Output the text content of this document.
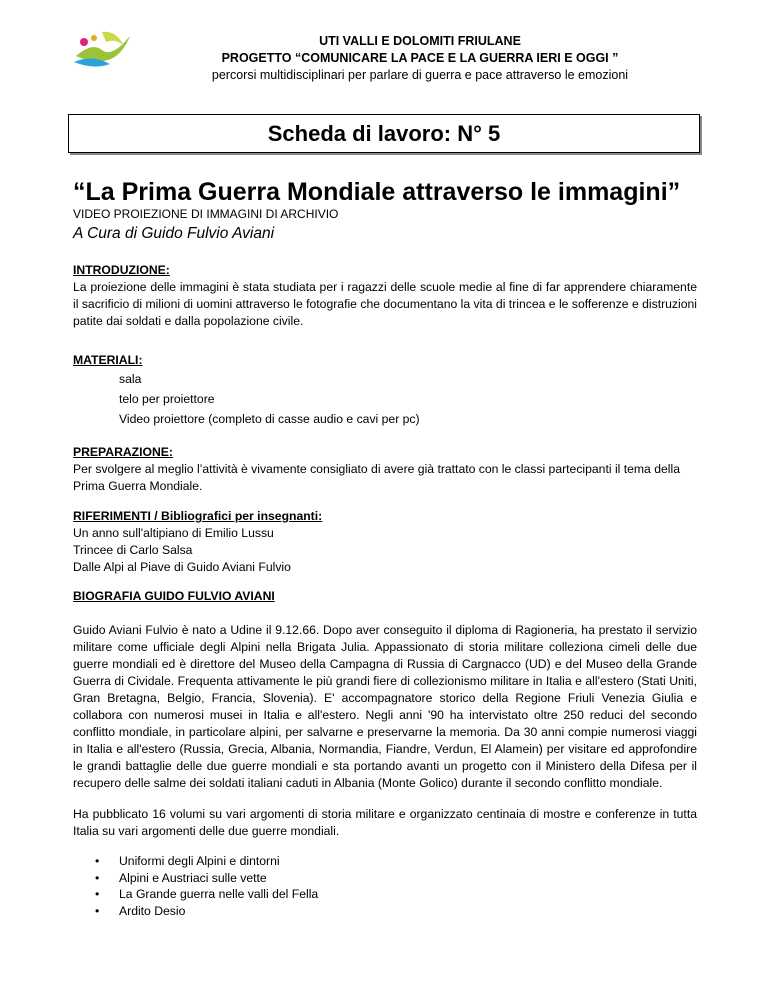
UTI VALLI E DOLOMITI FRIULANE
PROGETTO “COMUNICARE LA PACE E LA GUERRA IERI E OGGI ”
percorsi multidisciplinari per parlare di guerra e pace attraverso le emozioni
Scheda di lavoro: N° 5
“La Prima Guerra Mondiale attraverso le immagini”
VIDEO PROIEZIONE DI IMMAGINI DI ARCHIVIO
A Cura di Guido Fulvio Aviani
INTRODUZIONE:
La proiezione delle immagini è stata studiata per i ragazzi delle scuole medie al fine di far apprendere chiaramente il sacrificio di milioni di uomini attraverso le fotografie che documentano la vita di trincea e le sofferenze e distruzioni patite dai soldati e dalla popolazione civile.
MATERIALI:
sala
telo per proiettore
Video proiettore (completo di casse audio e cavi per pc)
PREPARAZIONE:
Per svolgere al meglio l’attività è vivamente consigliato di avere già trattato con le classi partecipanti il tema della Prima Guerra Mondiale.
RIFERIMENTI / Bibliografici per insegnanti:
Un anno sull'altipiano di Emilio Lussu
Trincee di Carlo Salsa
Dalle Alpi al Piave di Guido Aviani Fulvio
BIOGRAFIA GUIDO FULVIO AVIANI
Guido Aviani Fulvio è nato a Udine il 9.12.66. Dopo aver conseguito il diploma di Ragioneria, ha prestato il servizio militare come ufficiale degli Alpini nella Brigata Julia. Appassionato di storia militare colleziona cimeli delle due guerre mondiali ed è direttore del Museo della Campagna di Russia di Cargnacco (UD) e del Museo della Grande Guerra di Cividale. Frequenta attivamente le più grandi fiere di collezionismo militare in Italia e all'estero (Stati Uniti, Gran Bretagna, Belgio, Francia, Slovenia). E' accompagnatore storico della Regione Friuli Venezia Giulia e collabora con numerosi musei in Italia e all'estero. Negli anni '90 ha intervistato oltre 250 reduci del secondo conflitto mondiale, in particolare alpini, per salvarne e preservarne la memoria. Da 30 anni compie numerosi viaggi in Italia e all'estero (Russia, Grecia, Albania, Normandia, Fiandre, Verdun, El Alamein) per visitare ed approfondire le grandi battaglie delle due guerre mondiali e sta portando avanti un progetto con il Ministero della Difesa per il recupero delle salme dei soldati italiani caduti in Albania (Monte Golico) durante il secondo conflitto mondiale.
Ha pubblicato 16 volumi su vari argomenti di storia militare e organizzato centinaia di mostre e conferenze in tutta Italia su vari argomenti delle due guerre mondiali.
• Uniformi degli Alpini e dintorni
• Alpini e Austriaci sulle vette
• La Grande guerra nelle valli del Fella
• Ardito Desio
